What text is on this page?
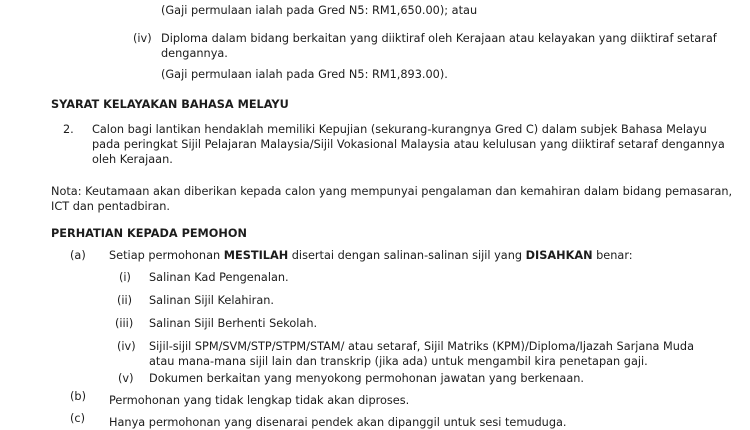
(Gaji permulaan ialah pada Gred N5: RM1,650.00); atau
(iv) Diploma dalam bidang berkaitan yang diiktiraf oleh Kerajaan atau kelayakan yang diiktiraf setaraf
dengannya.
(Gaji permulaan ialah pada Gred N5: RM1,893.00).
SYARAT KELAYAKAN BAHASA MELAYU
2. Calon bagi lantikan hendaklah memiliki Kepujian (sekurang-kurangnya Gred C) dalam subjek Bahasa Melayu
pada peringkat Sijil Pelajaran Malaysia/Sijil Vokasional Malaysia atau kelulusan yang diiktiraf setaraf dengannya
oleh Kerajaan.
Nota: Keutamaan akan diberikan kepada calon yang mempunyai pengalaman dan kemahiran dalam bidang pemasaran,
ICT dan pentadbiran.
PERHATIAN KEPADA PEMOHON
(a) Setiap permohonan MESTILAH disertai dengan salinan-salinan sijil yang DISAHKAN benar:
(i) Salinan Kad Pengenalan.
(ii) Salinan Sijil Kelahiran.
(iii) Salinan Sijil Berhenti Sekolah.
(iv) Sijil-sijil SPM/SVM/STP/STPM/STAM/ atau setaraf, Sijil Matriks (KPM)/Diploma/Ijazah Sarjana Muda
atau mana-mana sijil lain dan transkrip (jika ada) untuk mengambil kira penetapan gaji.
(v) Dokumen berkaitan yang menyokong permohonan jawatan yang berkenaan.
(b) Permohonan yang tidak lengkap tidak akan diproses.
(c) Hanya permohonan yang disenarai pendek akan dipanggil untuk sesi temuduga.
